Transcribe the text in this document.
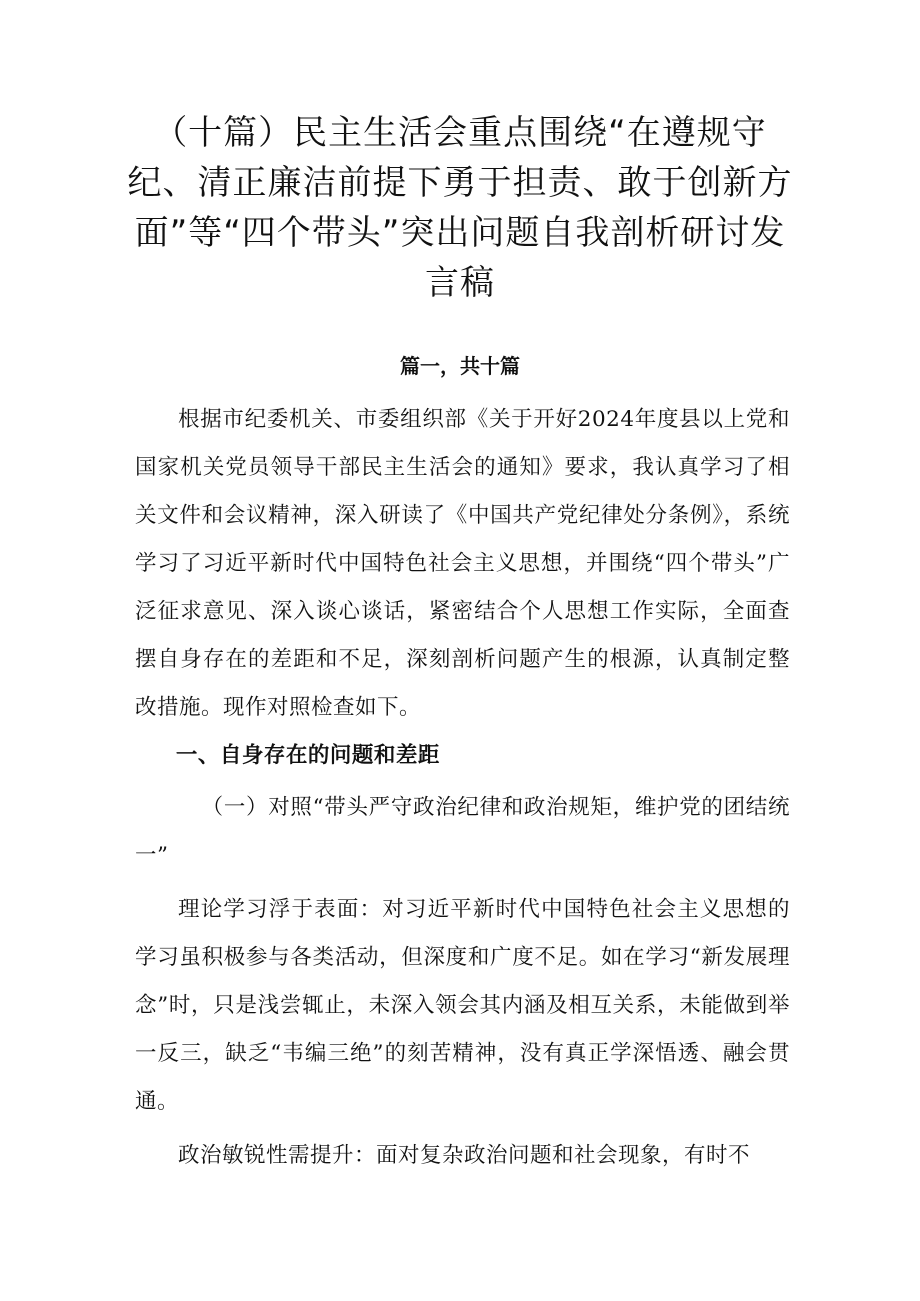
（十篇）民主生活会重点围绕“在遵规守纪、清正廉洁前提下勇于担责、敢于创新方面”等“四个带头”突出问题自我剖析研讨发言稿
篇一，共十篇

根据市纪委机关、市委组织部《关于开好2024年度县以上党和国家机关党员领导干部民主生活会的通知》要求，我认真学习了相关文件和会议精神，深入研读了《中国共产党纪律处分条例》，系统学习了习近平新时代中国特色社会主义思想，并围绕“四个带头”广泛征求意见、深入谈心谈话，紧密结合个人思想工作实际，全面查摆自身存在的差距和不足，深刻剖析问题产生的根源，认真制定整改措施。现作对照检查如下。

一、自身存在的问题和差距

（一）对照“带头严守政治纪律和政治规矩，维护党的团结统一”

理论学习浮于表面：对习近平新时代中国特色社会主义思想的学习虽积极参与各类活动，但深度和广度不足。如在学习“新发展理念”时，只是浅尝辄止，未深入领会其内涵及相互关系，未能做到举一反三，缺乏“韦编三绝”的刻苦精神，没有真正学深悟透、融会贯通。

政治敏锐性需提升：面对复杂政治问题和社会现象，有时不
